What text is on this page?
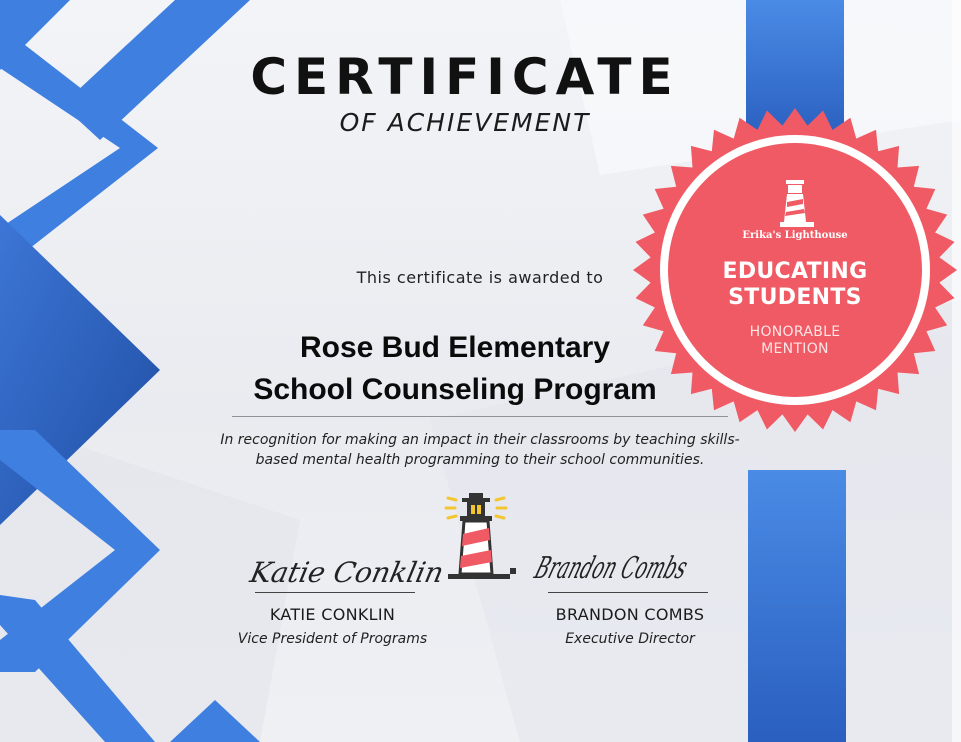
Erika's Lighthouse
EDUCATING
STUDENTS
HONORABLE
MENTION
CERTIFICATE
OF ACHIEVEMENT
This certificate is awarded to
Rose Bud Elementary
School Counseling Program
In recognition for making an impact in their classrooms by teaching skills-
based mental health programming to their school communities.
Katie Conklin
KATIE CONKLIN
Vice President of Programs
Brandon Combs
BRANDON COMBS
Executive Director
